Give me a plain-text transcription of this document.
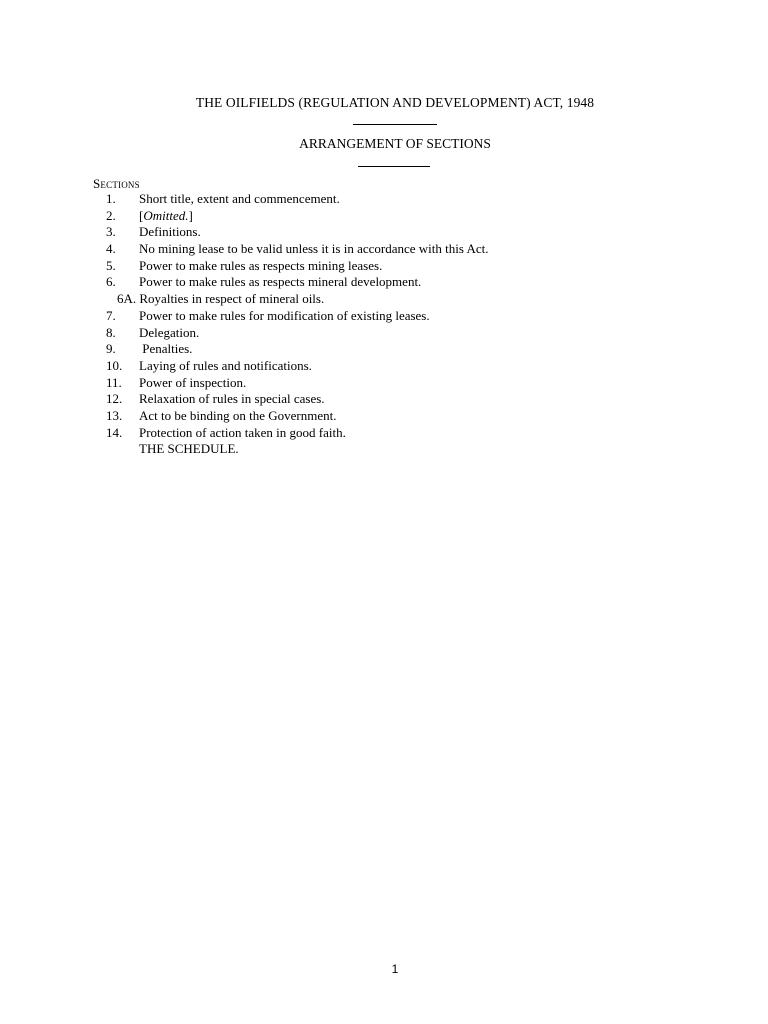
THE OILFIELDS (REGULATION AND DEVELOPMENT) ACT, 1948
ARRANGEMENT OF SECTIONS
Sections
1.	Short title, extent and commencement.
2.	[Omitted.]
3.	Definitions.
4.	No mining lease to be valid unless it is in accordance with this Act.
5.	Power to make rules as respects mining leases.
6.	Power to make rules as respects mineral development.
6A. Royalties in respect of mineral oils.
7.	Power to make rules for modification of existing leases.
8.	Delegation.
9.	Penalties.
10.	Laying of rules and notifications.
11.	Power of inspection.
12.	Relaxation of rules in special cases.
13.	Act to be binding on the Government.
14.	Protection of action taken in good faith.
THE SCHEDULE.
1
